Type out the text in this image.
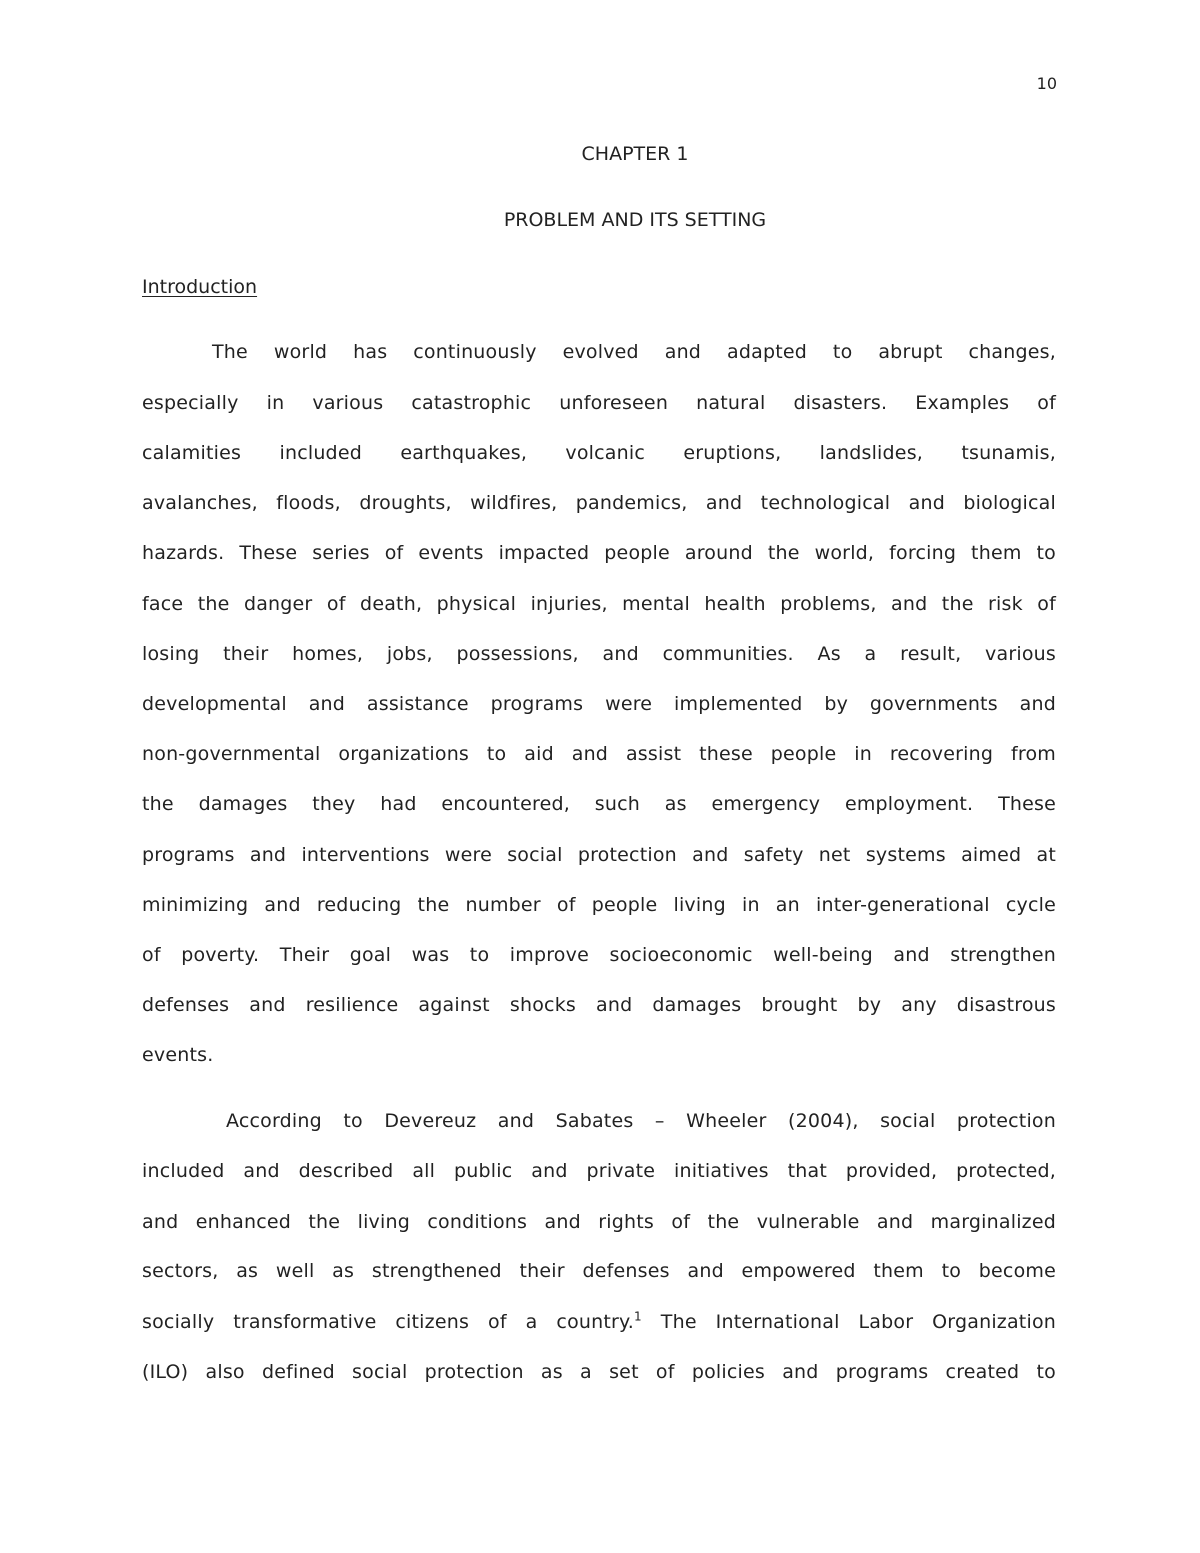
10
CHAPTER 1
PROBLEM AND ITS SETTING
Introduction
The world has continuously evolved and adapted to abrupt changes,
especially in various catastrophic unforeseen natural disasters. Examples of
calamities included earthquakes, volcanic eruptions, landslides, tsunamis,
avalanches, floods, droughts, wildfires, pandemics, and technological and biological
hazards. These series of events impacted people around the world, forcing them to
face the danger of death, physical injuries, mental health problems, and the risk of
losing their homes, jobs, possessions, and communities. As a result, various
developmental and assistance programs were implemented by governments and
non-governmental organizations to aid and assist these people in recovering from
the damages they had encountered, such as emergency employment. These
programs and interventions were social protection and safety net systems aimed at
minimizing and reducing the number of people living in an inter-generational cycle
of poverty. Their goal was to improve socioeconomic well-being and strengthen
defenses and resilience against shocks and damages brought by any disastrous
events.
According to Devereuz and Sabates – Wheeler (2004), social protection
included and described all public and private initiatives that provided, protected,
and enhanced the living conditions and rights of the vulnerable and marginalized
sectors, as well as strengthened their defenses and empowered them to become
socially transformative citizens of a country.$^1$ The International Labor Organization
(ILO) also defined social protection as a set of policies and programs created to
